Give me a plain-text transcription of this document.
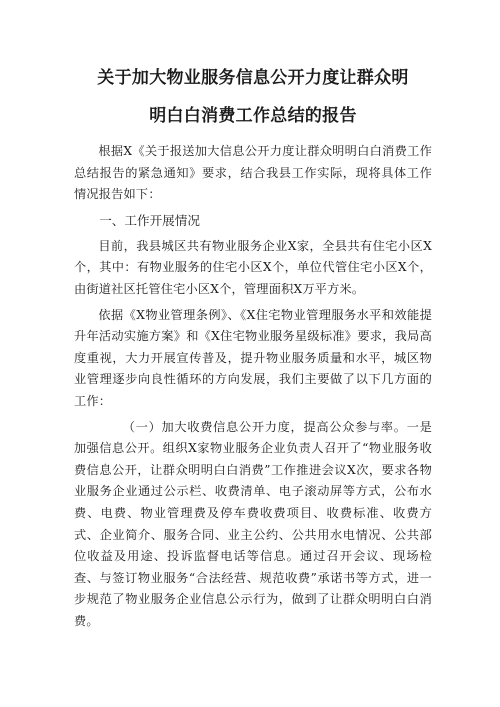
关于加大物业服务信息公开力度让群众明
明白白消费工作总结的报告

根据X《关于报送加大信息公开力度让群众明明白白消费工作总结报告的紧急通知》要求，结合我县工作实际，现将具体工作情况报告如下：

一、工作开展情况

目前，我县城区共有物业服务企业X家，全县共有住宅小区X个，其中：有物业服务的住宅小区X个，单位代管住宅小区X个，由街道社区托管住宅小区X个，管理面积X万平方米。

依据《X物业管理条例》、《X住宅物业管理服务水平和效能提升年活动实施方案》和《X住宅物业服务星级标准》要求，我局高度重视，大力开展宣传普及，提升物业服务质量和水平，城区物业管理逐步向良性循环的方向发展，我们主要做了以下几方面的工作：

（一）加大收费信息公开力度，提高公众参与率。一是加强信息公开。组织X家物业服务企业负责人召开了“物业服务收费信息公开，让群众明明白白消费”工作推进会议X次，要求各物业服务企业通过公示栏、收费清单、电子滚动屏等方式，公布水费、电费、物业管理费及停车费收费项目、收费标准、收费方式、企业简介、服务合同、业主公约、公共用水电情况、公共部位收益及用途、投诉监督电话等信息。通过召开会议、现场检查、与签订物业服务“合法经营、规范收费”承诺书等方式，进一步规范了物业服务企业信息公示行为，做到了让群众明明白白消费。
